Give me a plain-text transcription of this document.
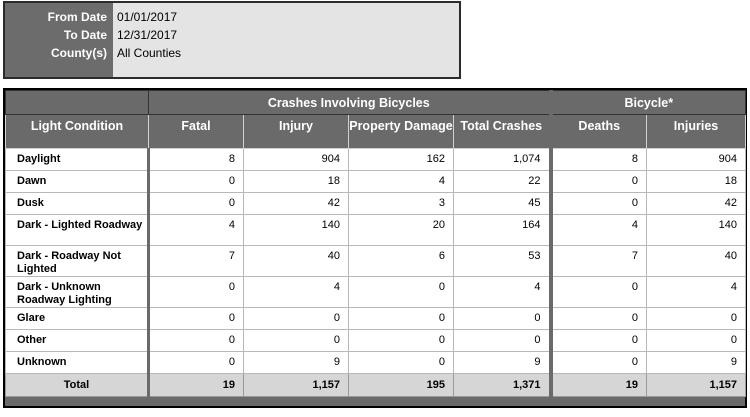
From Date 01/01/2017
To Date 12/31/2017
County(s) All Counties
	Crashes Involving Bicycles				Bicycle*	
Light Condition	Fatal	Injury	Property Damage	Total Crashes	Deaths	Injuries
Daylight	8	904	162	1,074	8	904
Dawn	0	18	4	22	0	18
Dusk	0	42	3	45	0	42
Dark - Lighted Roadway	4	140	20	164	4	140
Dark - Roadway Not Lighted	7	40	6	53	7	40
Dark - Unknown Roadway Lighting	0	4	0	4	0	4
Glare	0	0	0	0	0	0
Other	0	0	0	0	0	0
Unknown	0	9	0	9	0	9
Total	19	1,157	195	1,371	19	1,157
